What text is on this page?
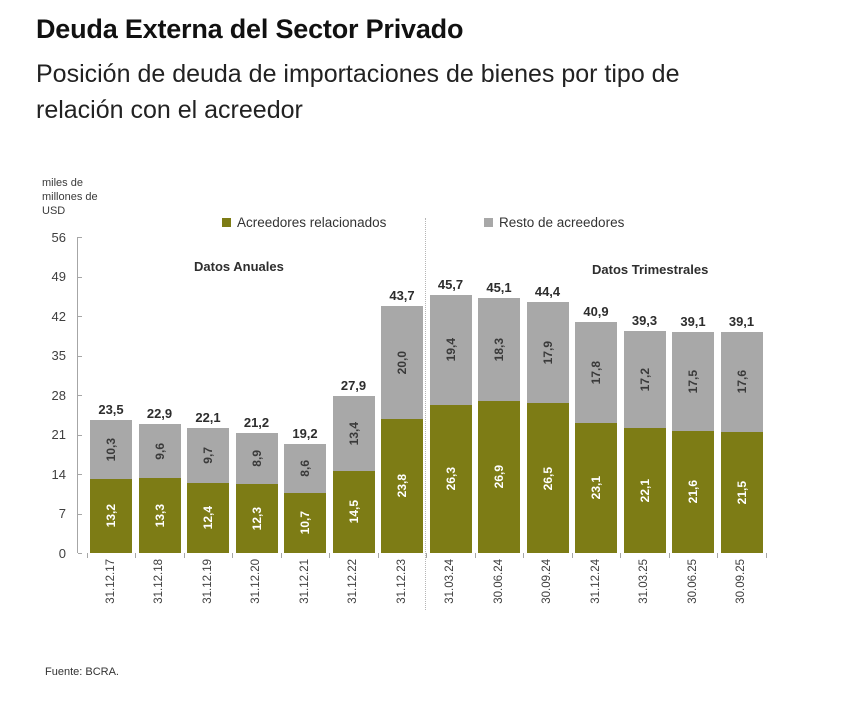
Deuda Externa del Sector Privado
Posición de deuda de importaciones de bienes por tipo de
relación con el acreedor
miles de
millones de
USD
Acreedores relacionados	Resto de acreedores
Datos Anuales	Datos Trimestrales
0
7
14
21
28
35
42
49
56
23,5
10,3
13,2
22,9
9,6
13,3
22,1
9,7
12,4
21,2
8,9
12,3
19,2
8,6
10,7
27,9
13,4
14,5
43,7
20,0
23,8
45,7
19,4
26,3
45,1
18,3
26,9
44,4
17,9
26,5
40,9
17,8
23,1
39,3
17,2
22,1
39,1
17,5
21,6
39,1
17,6
21,5
31.12.17	31.12.18	31.12.19	31.12.20	31.12.21	31.12.22	31.12.23	31.03.24	30.06.24	30.09.24	31.12.24	31.03.25	30.06.25	30.09.25
Fuente: BCRA.
